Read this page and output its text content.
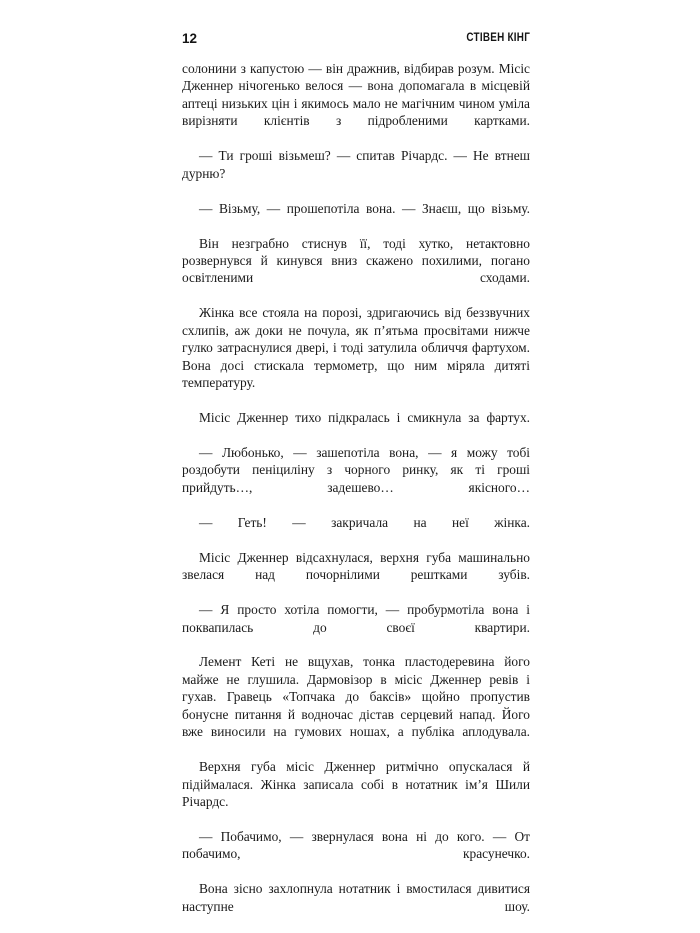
12	СТІВЕН КІНГ

солонини з капустою — він дражнив, відбирав розум. Місіс Дженнер нічогенько велося — вона допомагала в місцевій аптеці низьких цін і якимось мало не магічним чином уміла вирізняти клієнтів з підробленими картками.

— Ти гроші візьмеш? — спитав Річардс. — Не втнеш дурню?

— Візьму, — прошепотіла вона. — Знаєш, що візьму.

Він незграбно стиснув її, тоді хутко, нетактовно розвернувся й кинувся вниз скажено похилими, погано освітленими сходами.

Жінка все стояла на порозі, здригаючись від беззвучних схлипів, аж доки не почула, як п’ятьма просвітами нижче гулко затраснулися двері, і тоді затулила обличчя фартухом. Вона досі стискала термометр, що ним міряла дитяті температуру.

Місіс Дженнер тихо підкралась і смикнула за фартух.

— Любонько, — зашепотіла вона, — я можу тобі роздобути пеніциліну з чорного ринку, як ті гроші прийдуть…, задешево… якісного…

— Геть! — закричала на неї жінка.

Місіс Дженнер відсахнулася, верхня губа машинально звелася над почорнілими рештками зубів.

— Я просто хотіла помогти, — пробурмотіла вона і поквапилась до своєї квартири.

Лемент Кеті не вщухав, тонка пластодеревина його майже не глушила. Дармовізор в місіс Дженнер ревів і гухав. Гравець «Топчака до баксів» щойно пропустив бонусне питання й водночас дістав серцевий напад. Його вже виносили на гумових ношах, а публіка аплодувала.

Верхня губа місіс Дженнер ритмічно опускалася й підіймалася. Жінка записала собі в нотатник ім’я Шили Річардс.

— Побачимо, — звернулася вона ні до кого. — От побачимо, красунечко.

Вона зіcно захлопнула нотатник і вмостилася дивитися наступне шоу.
